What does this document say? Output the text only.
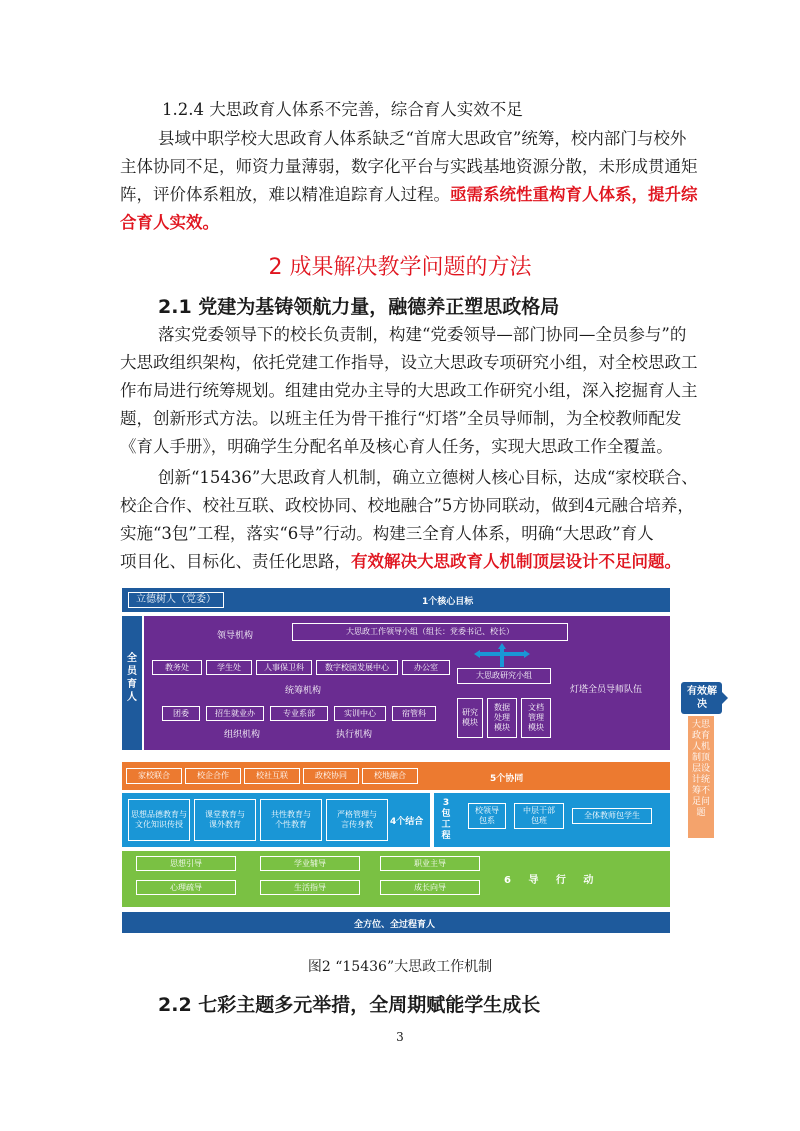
1.2.4 大思政育人体系不完善，综合育人实效不足
县域中职学校大思政育人体系缺乏“首席大思政官”统筹，校内部门与校外
主体协同不足，师资力量薄弱，数字化平台与实践基地资源分散，未形成贯通矩
阵，评价体系粗放，难以精准追踪育人过程。亟需系统性重构育人体系，提升综
合育人实效。
2 成果解决教学问题的方法
2.1 党建为基铸领航力量，融德养正塑思政格局
落实党委领导下的校长负责制，构建“党委领导—部门协同—全员参与”的
大思政组织架构，依托党建工作指导，设立大思政专项研究小组，对全校思政工
作布局进行统筹规划。组建由党办主导的大思政工作研究小组，深入挖掘育人主
题，创新形式方法。以班主任为骨干推行“灯塔”全员导师制，为全校教师配发
《育人手册》，明确学生分配名单及核心育人任务，实现大思政工作全覆盖。
创新“15436”大思政育人机制，确立立德树人核心目标，达成“家校联合、
校企合作、校社互联、政校协同、校地融合”5方协同联动，做到4元融合培养，
实施“3包”工程，落实“6导”行动。构建三全育人体系，明确“大思政”育人
项目化、目标化、责任化思路，有效解决大思政育人机制顶层设计不足问题。
立德树人（党委）	1个核心目标
全员育人
领导机构	大思政工作领导小组（组长：党委书记、校长）
教务处	学生处	人事保卫科	数字校园发展中心	办公室
统筹机构
大思政研究小组
灯塔全员导师队伍
团委	招生就业办	专业系部	实训中心	宿管科
组织机构	执行机构
研究模块
数据处理模块
文档管理模块
家校联合	校企合作	校社互联	政校协同	校地融合	5个协同
思想品德教育与文化知识传授
课堂教育与课外教育
共性教育与个性教育
严格管理与言传身教	4个结合
3包工程
校领导包系
中层干部包班
全体教师包学生
思想引导	学业辅导	职业主导
心理疏导	生活指导	成长向导
6 导 行 动
全方位、全过程育人
有效解决
大思政育人机制顶层设计统筹不足问题
图2 “15436”大思政工作机制
2.2 七彩主题多元举措，全周期赋能学生成长
3
